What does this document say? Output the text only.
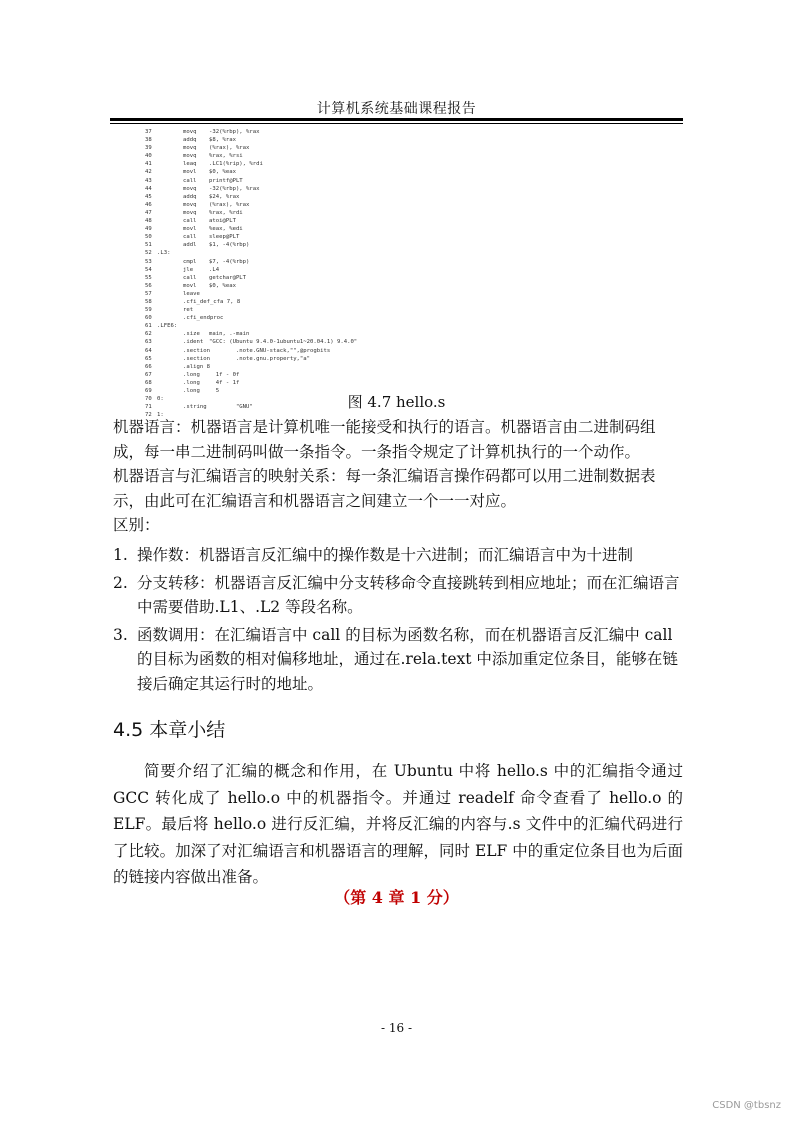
计算机系统基础课程报告
37	movq -32(%rbp), %rax
38	addq $8, %rax
39	movq (%rax), %rax
40	movq %rax, %rsi
41	leaq .LC1(%rip), %rdi
42	movl $0, %eax
43	call printf@PLT
44	movq -32(%rbp), %rax
45	addq $24, %rax
46	movq (%rax), %rax
47	movq %rax, %rdi
48	call atoi@PLT
49	movl %eax, %edi
50	call sleep@PLT
51	addl $1, -4(%rbp)
52 .L3:
53	cmpl $7, -4(%rbp)
54	jle	.L4
55	call getchar@PLT
56	movl $0, %eax
57	leave
58	.cfi_def_cfa 7, 8
59	ret
60	.cfi_endproc
61 .LFE6:
62	.size main, .-main
63	.ident "GCC: (Ubuntu 9.4.0-1ubuntu1~20.04.1) 9.4.0"
64	.section .note.GNU-stack,"",@progbits
65	.section .note.gnu.property,"a"
66	.align 8
67	.long 1f - 0f
68	.long 4f - 1f
69	.long 5
70 0:
71	.string "GNU"
72 1:
图 4.7 hello.s
机器语言：机器语言是计算机唯一能接受和执行的语言。机器语言由二进制码组成，每一串二进制码叫做一条指令。一条指令规定了计算机执行的一个动作。
机器语言与汇编语言的映射关系：每一条汇编语言操作码都可以用二进制数据表示，由此可在汇编语言和机器语言之间建立一个一一对应。
区别：
1. 操作数：机器语言反汇编中的操作数是十六进制；而汇编语言中为十进制
2. 分支转移：机器语言反汇编中分支转移命令直接跳转到相应地址；而在汇编语言中需要借助.L1、.L2 等段名称。
3. 函数调用：在汇编语言中 call 的目标为函数名称，而在机器语言反汇编中 call 的目标为函数的相对偏移地址，通过在.rela.text 中添加重定位条目，能够在链接后确定其运行时的地址。
4.5 本章小结
简要介绍了汇编的概念和作用，在 Ubuntu 中将 hello.s 中的汇编指令通过 GCC 转化成了 hello.o 中的机器指令。并通过 readelf 命令查看了 hello.o 的 ELF。最后将 hello.o 进行反汇编，并将反汇编的内容与.s 文件中的汇编代码进行了比较。加深了对汇编语言和机器语言的理解，同时 ELF 中的重定位条目也为后面的链接内容做出准备。
（第 4 章 1 分）
- 16 -
CSDN @tbsnz
